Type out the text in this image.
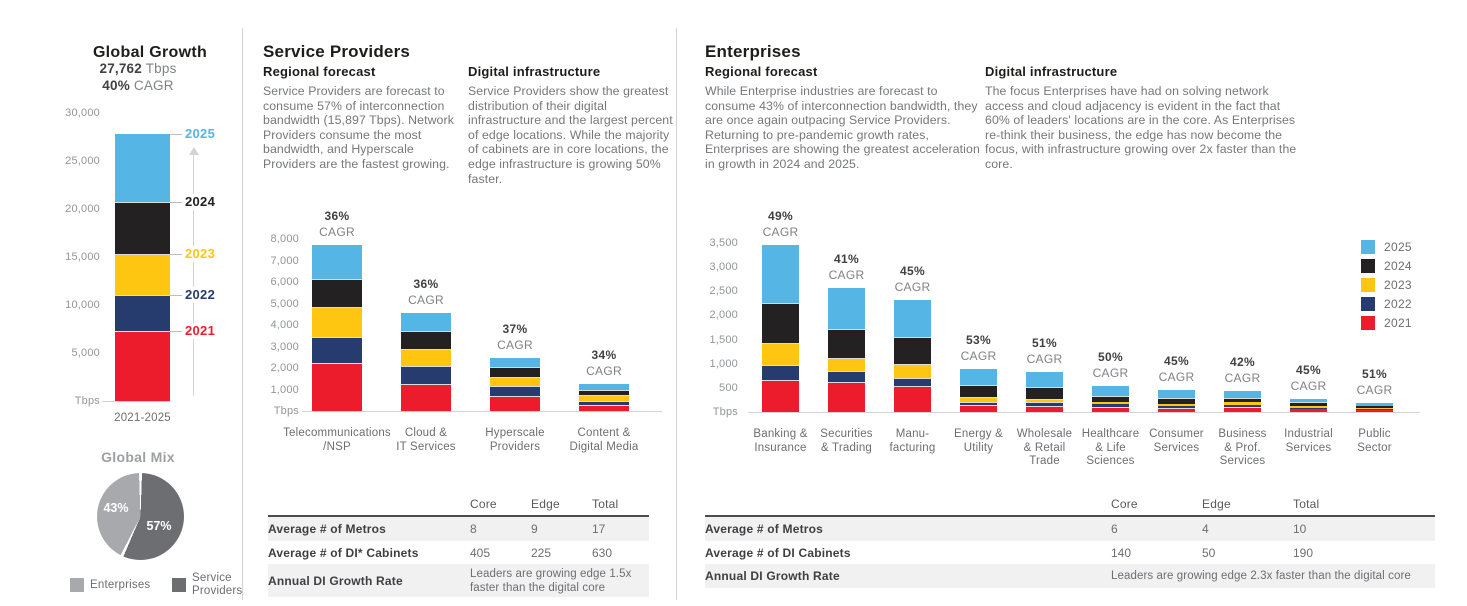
Global Growth
27,762 Tbps
40% CAGR
30,000
25,000
20,000
15,000
10,000
5,000
Tbps
2021
2022
2023
2024
2025
2021-2025
Global Mix
43%
57%
Enterprises
Service Providers
Service Providers
Regional forecast

Service Providers are forecast to consume 57% of interconnection bandwidth (15,897 Tbps). Network Providers consume the most bandwidth, and Hyperscale Providers are the fastest growing.

Digital infrastructure

Service Providers show the greatest distribution of their digital infrastructure and the largest percent of edge locations. While the majority of cabinets are in core locations, the edge infrastructure is growing 50% faster.

8,000
7,000
6,000
5,000
4,000
3,000
2,000
1,000
Tbps
36%
CAGR
Telecommunications
/NSP
36%
CAGR
Cloud &
IT Services
37%
CAGR
Hyperscale
Providers
34%
CAGR
Content &
Digital Media
Core	Edge	Total
Average # of Metros	8	9	17
Average # of DI* Cabinets	405	225	630
Annual DI Growth Rate	Leaders are growing edge 1.5x faster than the digital core
Enterprises
Regional forecast

While Enterprise industries are forecast to consume 43% of interconnection bandwidth, they are once again outpacing Service Providers. Returning to pre-pandemic growth rates, Enterprises are showing the greatest acceleration in growth in 2024 and 2025.

Digital infrastructure

The focus Enterprises have had on solving network access and cloud adjacency is evident in the fact that 60% of leaders' locations are in the core. As Enterprises re-think their business, the edge has now become the focus, with infrastructure growing over 2x faster than the core.

3,500
3,000
2,500
2,000
1,500
1,000
500
Tbps
49%
CAGR
Banking &
Insurance
41%
CAGR
Securities
& Trading
45%
CAGR
Manu-
facturing
53%
CAGR
Energy &
Utility
51%
CAGR
Wholesale
& Retail
Trade
50%
CAGR
Healthcare
& Life
Sciences
45%
CAGR
Consumer
Services
42%
CAGR
Business
& Prof.
Services
45%
CAGR
Industrial
Services
51%
CAGR
Public
Sector
2025
2024
2023
2022
2021
Core	Edge	Total
Average # of Metros	6	4	10
Average # of DI Cabinets	140	50	190
Annual DI Growth Rate	Leaders are growing edge 2.3x faster than the digital core
